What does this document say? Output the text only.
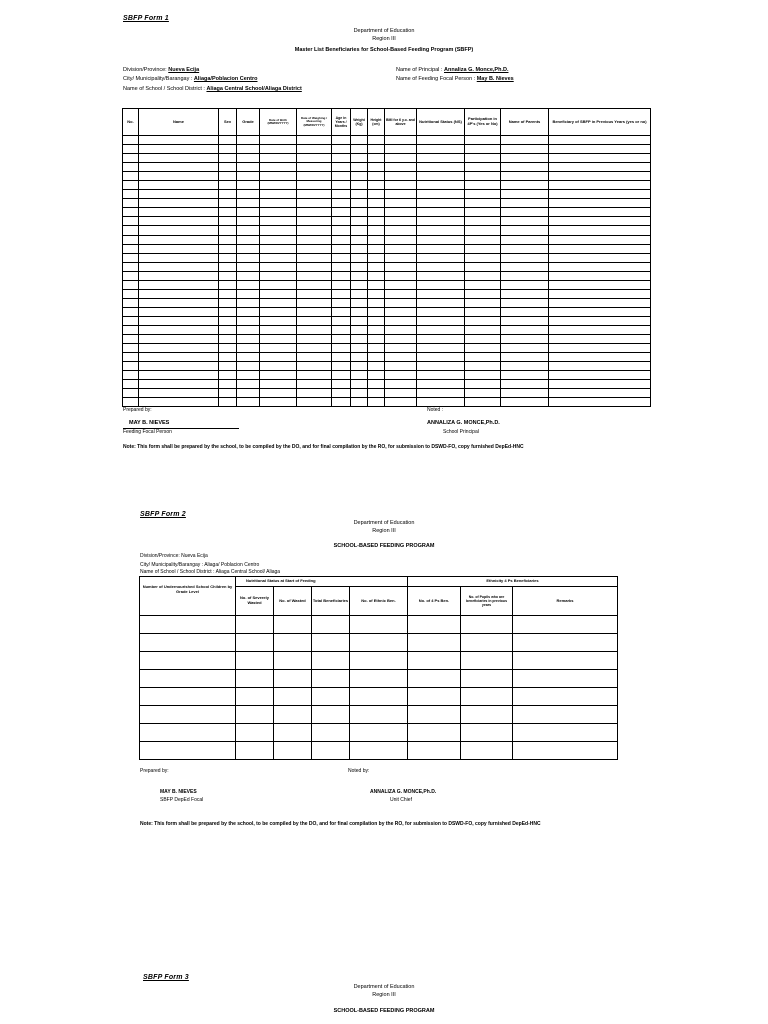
SBFP Form 1
Department of Education
Region III
Master List Beneficiaries for School-Based Feeding Program (SBFP)
Division/Province: Nueva Ecija
City/ Municipality/Barangay : Aliaga/Poblacion Centro
Name of School / School District : Aliaga Central School/Aliaga District
Name of Principal : Annaliza G. Monce,Ph.D.
Name of Feeding Focal Person : May B. Nieves
No.	Name	Sex	Grade	Date of Birth (MM/DD/YYYY)	Date of Weighing / Measuring (MM/DD/YYYY)	Age in Years / Months	Weight (Kg)	Height (cm)	BMI for 6 y.o. and above	Nutritional Status (NS)	Participation in 4P's (Yes or No)	Name of Parents	Beneficiary of SBFP in Previous Years (yes or no)

Prepared by:	Noted :
MAY B. NIEVES
Feeding Focal Person
ANNALIZA G. MONCE,Ph.D.
School Principal
Note: This form shall be prepared by the school, to be compiled by the DO, and for final compilation by the RO, for submission to DSWD-FO, copy furnished DepEd-HNC
SBFP Form 2
Department of Education
Region III
SCHOOL-BASED FEEDING PROGRAM
Division/Province: Nueva Ecija
City/ Municipality/Barangay : Aliaga/ Poblacion Centro
Name of School / School District : Aliaga Central School/ Aliaga
Number of Undernourished School Children by Grade Level	Nutritional Status at Start of Feeding				Ethnicity 4 Ps Beneficiaries		
	No. of Severely Wasted	No. of Wasted	Total Beneficiaries	No. of Ethnic Ben.	No. of 4 Ps Ben.	No. of Pupils who are beneficiaries in previous years	Remarks

Prepared by:	Noted by:
MAY B. NIEVES
SBFP DepEd Focal
ANNALIZA G. MONCE,Ph.D.
Unit Chief
Note: This form shall be prepared by the school, to be compiled by the DO, and for final compilation by the RO, for submission to DSWD-FO, copy furnished DepEd-HNC
SBFP Form 3
Department of Education
Region III
SCHOOL-BASED FEEDING PROGRAM
